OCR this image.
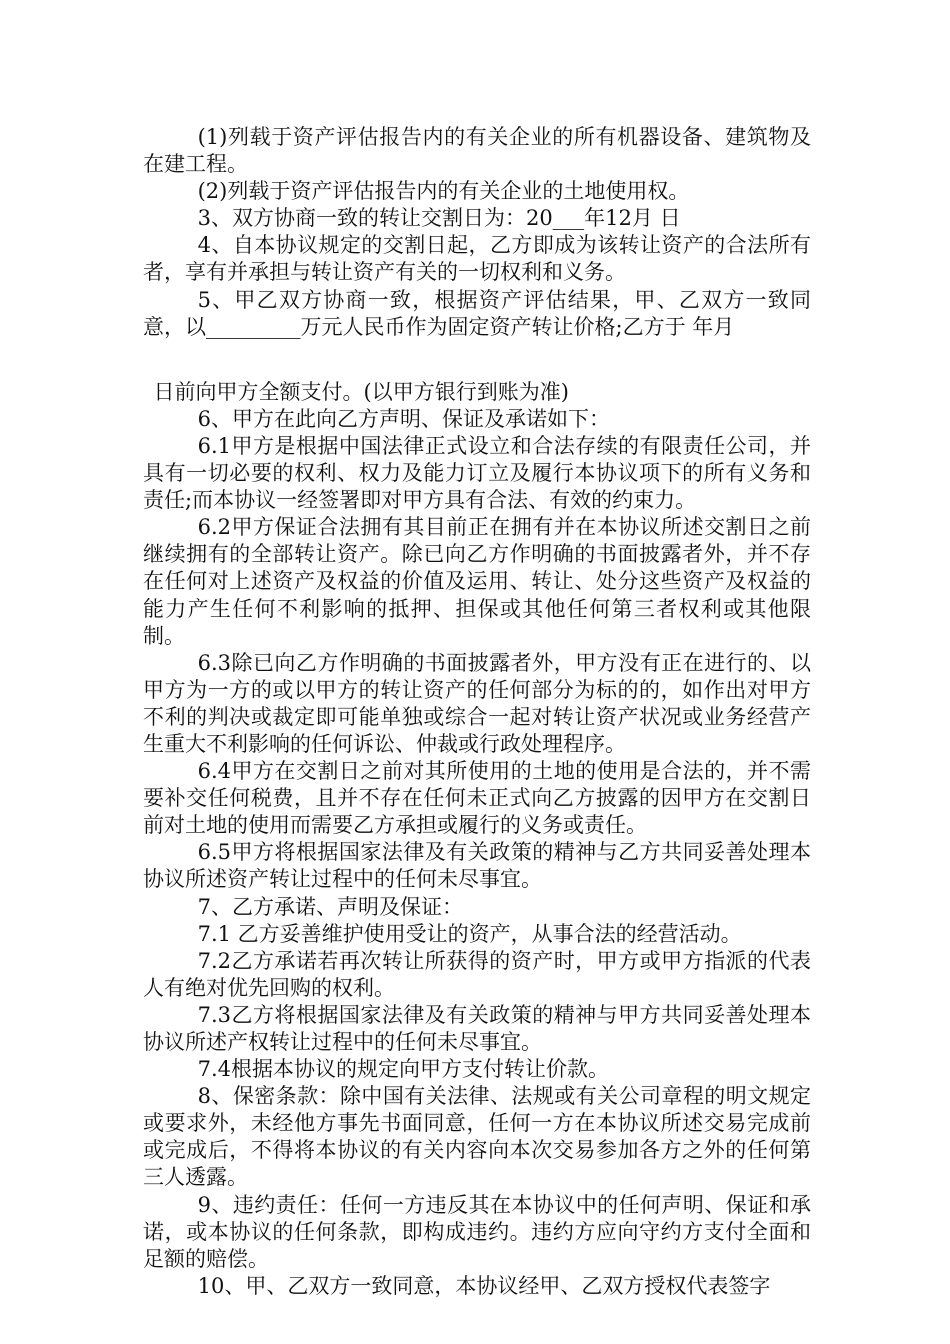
(1)列载于资产评估报告内的有关企业的所有机器设备、建筑物及在建工程。

(2)列载于资产评估报告内的有关企业的土地使用权。

3、双方协商一致的转让交割日为：20___年12月 日

4、自本协议规定的交割日起，乙方即成为该转让资产的合法所有者，享有并承担与转让资产有关的一切权利和义务。

5、甲乙双方协商一致，根据资产评估结果，甲、乙双方一致同意，以_________万元人民币作为固定资产转让价格;乙方于 年月

日前向甲方全额支付。(以甲方银行到账为准)

6、甲方在此向乙方声明、保证及承诺如下：

6.1甲方是根据中国法律正式设立和合法存续的有限责任公司，并具有一切必要的权利、权力及能力订立及履行本协议项下的所有义务和责任;而本协议一经签署即对甲方具有合法、有效的约束力。

6.2甲方保证合法拥有其目前正在拥有并在本协议所述交割日之前继续拥有的全部转让资产。除已向乙方作明确的书面披露者外，并不存在任何对上述资产及权益的价值及运用、转让、处分这些资产及权益的能力产生任何不利影响的抵押、担保或其他任何第三者权利或其他限制。

6.3除已向乙方作明确的书面披露者外，甲方没有正在进行的、以甲方为一方的或以甲方的转让资产的任何部分为标的的，如作出对甲方不利的判决或裁定即可能单独或综合一起对转让资产状况或业务经营产生重大不利影响的任何诉讼、仲裁或行政处理程序。

6.4甲方在交割日之前对其所使用的土地的使用是合法的，并不需要补交任何税费，且并不存在任何未正式向乙方披露的因甲方在交割日前对土地的使用而需要乙方承担或履行的义务或责任。

6.5甲方将根据国家法律及有关政策的精神与乙方共同妥善处理本协议所述资产转让过程中的任何未尽事宜。

7、乙方承诺、声明及保证：

7.1 乙方妥善维护使用受让的资产，从事合法的经营活动。

7.2乙方承诺若再次转让所获得的资产时，甲方或甲方指派的代表人有绝对优先回购的权利。

7.3乙方将根据国家法律及有关政策的精神与甲方共同妥善处理本协议所述产权转让过程中的任何未尽事宜。

7.4根据本协议的规定向甲方支付转让价款。

8、保密条款：除中国有关法律、法规或有关公司章程的明文规定或要求外，未经他方事先书面同意，任何一方在本协议所述交易完成前或完成后，不得将本协议的有关内容向本次交易参加各方之外的任何第三人透露。

9、违约责任：任何一方违反其在本协议中的任何声明、保证和承诺，或本协议的任何条款，即构成违约。违约方应向守约方支付全面和足额的赔偿。

10、甲、乙双方一致同意，本协议经甲、乙双方授权代表签字
